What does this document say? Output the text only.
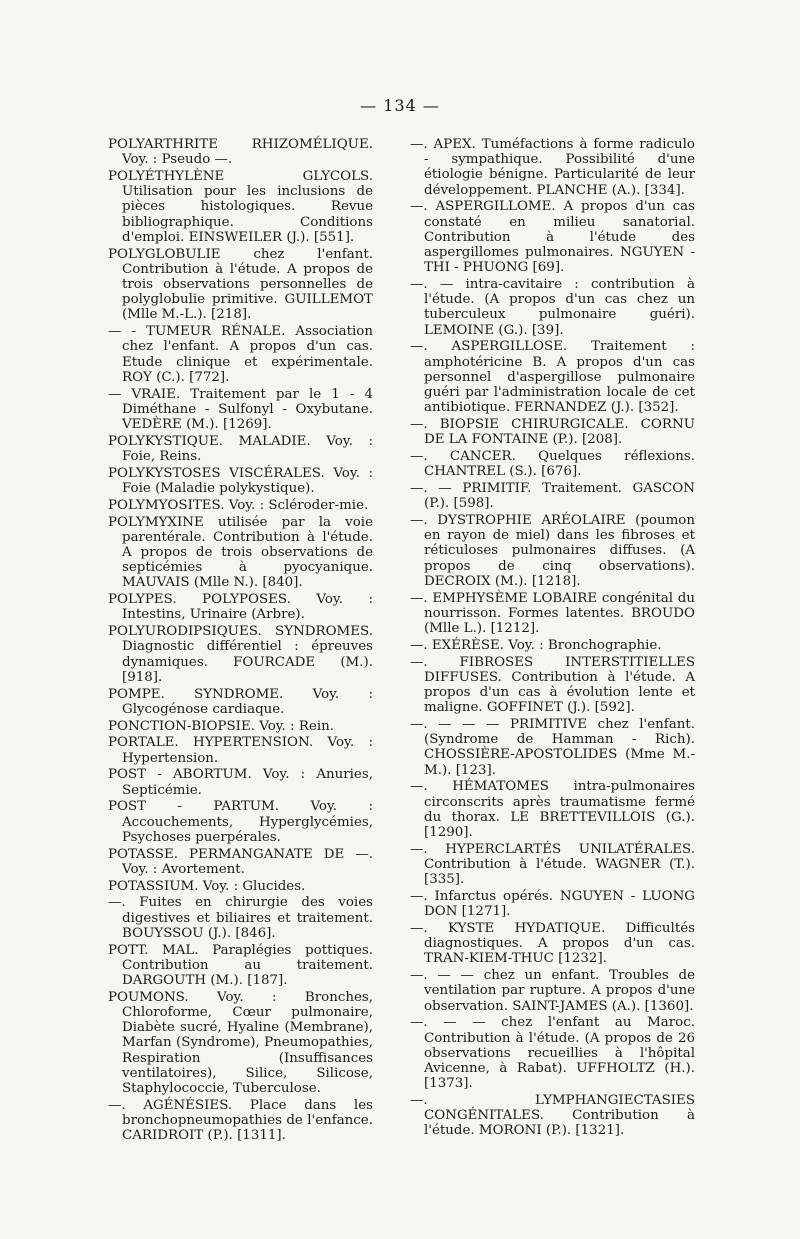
— 134 —

POLYARTHRITE RHIZOMÉLIQUE. Voy. : Pseudo —.

POLYÉTHYLÈNE GLYCOLS. Utilisation pour les inclusions de pièces histologiques. Revue bibliographique. Conditions d'emploi. EINSWEILER (J.). [551].

POLYGLOBULIE chez l'enfant. Contribution à l'étude. A propos de trois observations personnelles de polyglobulie primitive. GUILLEMOT (Mlle M.-L.). [218].

— - TUMEUR RÉNALE. Association chez l'enfant. A propos d'un cas. Etude clinique et expérimentale. ROY (C.). [772].

— VRAIE. Traitement par le 1 - 4 Diméthane - Sulfonyl - Oxybutane. VEDÈRE (M.). [1269].

POLYKYSTIQUE. MALADIE. Voy. : Foie, Reins.

POLYKYSTOSES VISCÉRALES. Voy. : Foie (Maladie polykystique).

POLYMYOSITES. Voy. : Scléroder-mie.

POLYMYXINE utilisée par la voie parentérale. Contribution à l'étude. A propos de trois observations de septicémies à pyocyanique. MAUVAIS (Mlle N.). [840].

POLYPES. POLYPOSES. Voy. : Intestins, Urinaire (Arbre).

POLYURODIPSIQUES. SYNDROMES. Diagnostic différentiel : épreuves dynamiques. FOURCADE (M.). [918].

POMPE. SYNDROME. Voy. : Glycogénose cardiaque.

PONCTION-BIOPSIE. Voy. : Rein.

PORTALE. HYPERTENSION. Voy. : Hypertension.

POST - ABORTUM. Voy. : Anuries, Septicémie.

POST - PARTUM. Voy. : Accouchements, Hyperglycémies, Psychoses puerpérales.

POTASSE. PERMANGANATE DE —. Voy. : Avortement.

POTASSIUM. Voy. : Glucides.

—. Fuites en chirurgie des voies digestives et biliaires et traitement. BOUYSSOU (J.). [846].

POTT. MAL. Paraplégies pottiques. Contribution au traitement. DARGOUTH (M.). [187].

POUMONS. Voy. : Bronches, Chloroforme, Cœur pulmonaire, Diabète sucré, Hyaline (Membrane), Marfan (Syndrome), Pneumopathies, Respiration (Insuffisances ventilatoires), Silice, Silicose, Staphylococcie, Tuberculose.

—. AGÉNÉSIES. Place dans les bronchopneumopathies de l'enfance. CARIDROIT (P.). [1311].

—. APEX. Tuméfactions à forme radiculo - sympathique. Possibilité d'une étiologie bénigne. Particularité de leur développement. PLANCHE (A.). [334].

—. ASPERGILLOME. A propos d'un cas constaté en milieu sanatorial. Contribution à l'étude des aspergillomes pulmonaires. NGUYEN - THI - PHUONG [69].

—. — intra-cavitaire : contribution à l'étude. (A propos d'un cas chez un tuberculeux pulmonaire guéri). LEMOINE (G.). [39].

—. ASPERGILLOSE. Traitement : amphotéricine B. A propos d'un cas personnel d'aspergillose pulmonaire guéri par l'administration locale de cet antibiotique. FERNANDEZ (J.). [352].

—. BIOPSIE CHIRURGICALE. CORNU DE LA FONTAINE (P.). [208].

—. CANCER. Quelques réflexions. CHANTREL (S.). [676].

—. — PRIMITIF. Traitement. GASCON (P.). [598].

—. DYSTROPHIE ARÉOLAIRE (poumon en rayon de miel) dans les fibroses et réticuloses pulmonaires diffuses. (A propos de cinq observations). DECROIX (M.). [1218].

—. EMPHYSÈME LOBAIRE congénital du nourrisson. Formes latentes. BROUDO (Mlle L.). [1212].

—. EXÉRÈSE. Voy. : Bronchographie.

—. FIBROSES INTERSTITIELLES DIFFUSES. Contribution à l'étude. A propos d'un cas à évolution lente et maligne. GOFFINET (J.). [592].

—. — — — PRIMITIVE chez l'enfant. (Syndrome de Hamman - Rich). CHOSSIÈRE-APOSTOLIDES (Mme M.-M.). [123].

—. HÉMATOMES intra-pulmonaires circonscrits après traumatisme fermé du thorax. LE BRETTEVILLOIS (G.). [1290].

—. HYPERCLARTÉS UNILATÉRALES. Contribution à l'étude. WAGNER (T.). [335].

—. Infarctus opérés. NGUYEN - LUONG DON [1271].

—. KYSTE HYDATIQUE. Difficultés diagnostiques. A propos d'un cas. TRAN-KIEM-THUC [1232].

—. — — chez un enfant. Troubles de ventilation par rupture. A propos d'une observation. SAINT-JAMES (A.). [1360].

—. — — chez l'enfant au Maroc. Contribution à l'étude. (A propos de 26 observations recueillies à l'hôpital Avicenne, à Rabat). UFFHOLTZ (H.). [1373].

—. LYMPHANGIECTASIES CONGÉNITALES. Contribution à l'étude. MORONI (P.). [1321].
